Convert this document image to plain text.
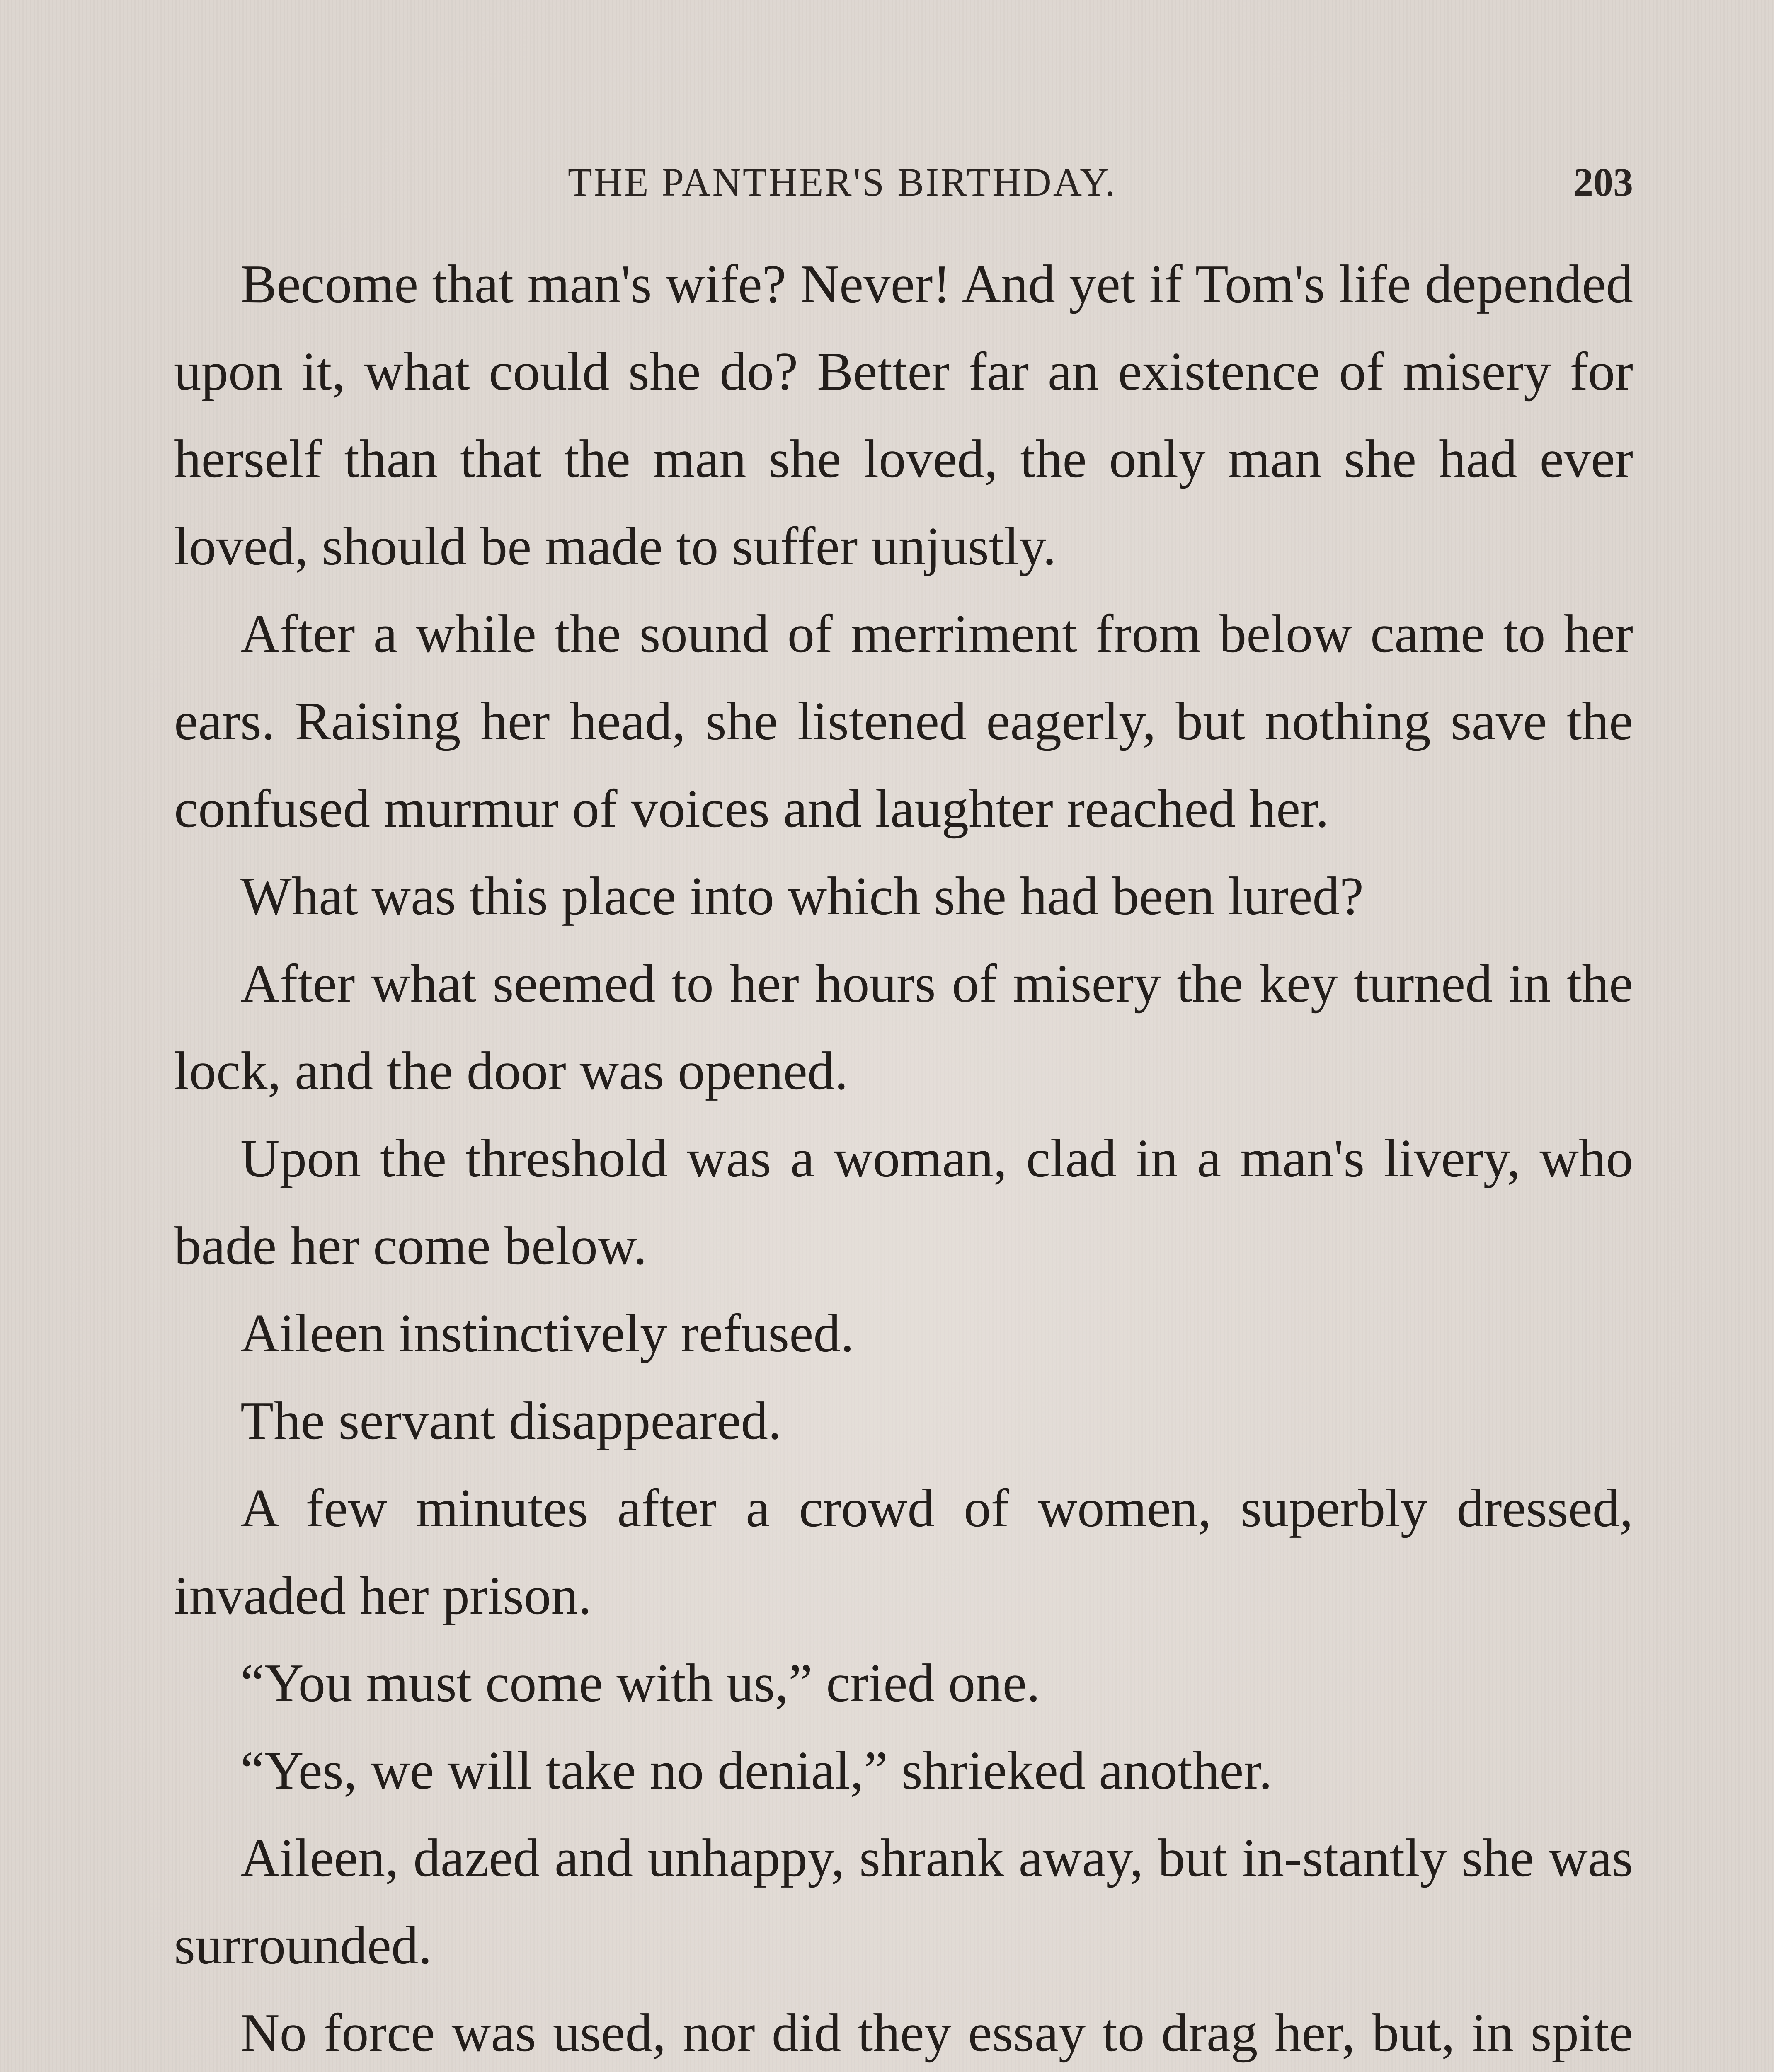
THE PANTHER'S BIRTHDAY.	203

Become that man's wife? Never! And yet if Tom's life depended upon it, what could she do? Better far an existence of misery for herself than that the man she loved, the only man she had ever loved, should be made to suffer unjustly.

After a while the sound of merriment from below came to her ears. Raising her head, she listened eagerly, but nothing save the confused murmur of voices and laughter reached her.

What was this place into which she had been lured?

After what seemed to her hours of misery the key turned in the lock, and the door was opened.

Upon the threshold was a woman, clad in a man's livery, who bade her come below.

Aileen instinctively refused.

The servant disappeared.

A few minutes after a crowd of women, superbly dressed, invaded her prison.

“You must come with us,” cried one.

“Yes, we will take no denial,” shrieked another.

Aileen, dazed and unhappy, shrank away, but in-stantly she was surrounded.

No force was used, nor did they essay to drag her, but, in spite
